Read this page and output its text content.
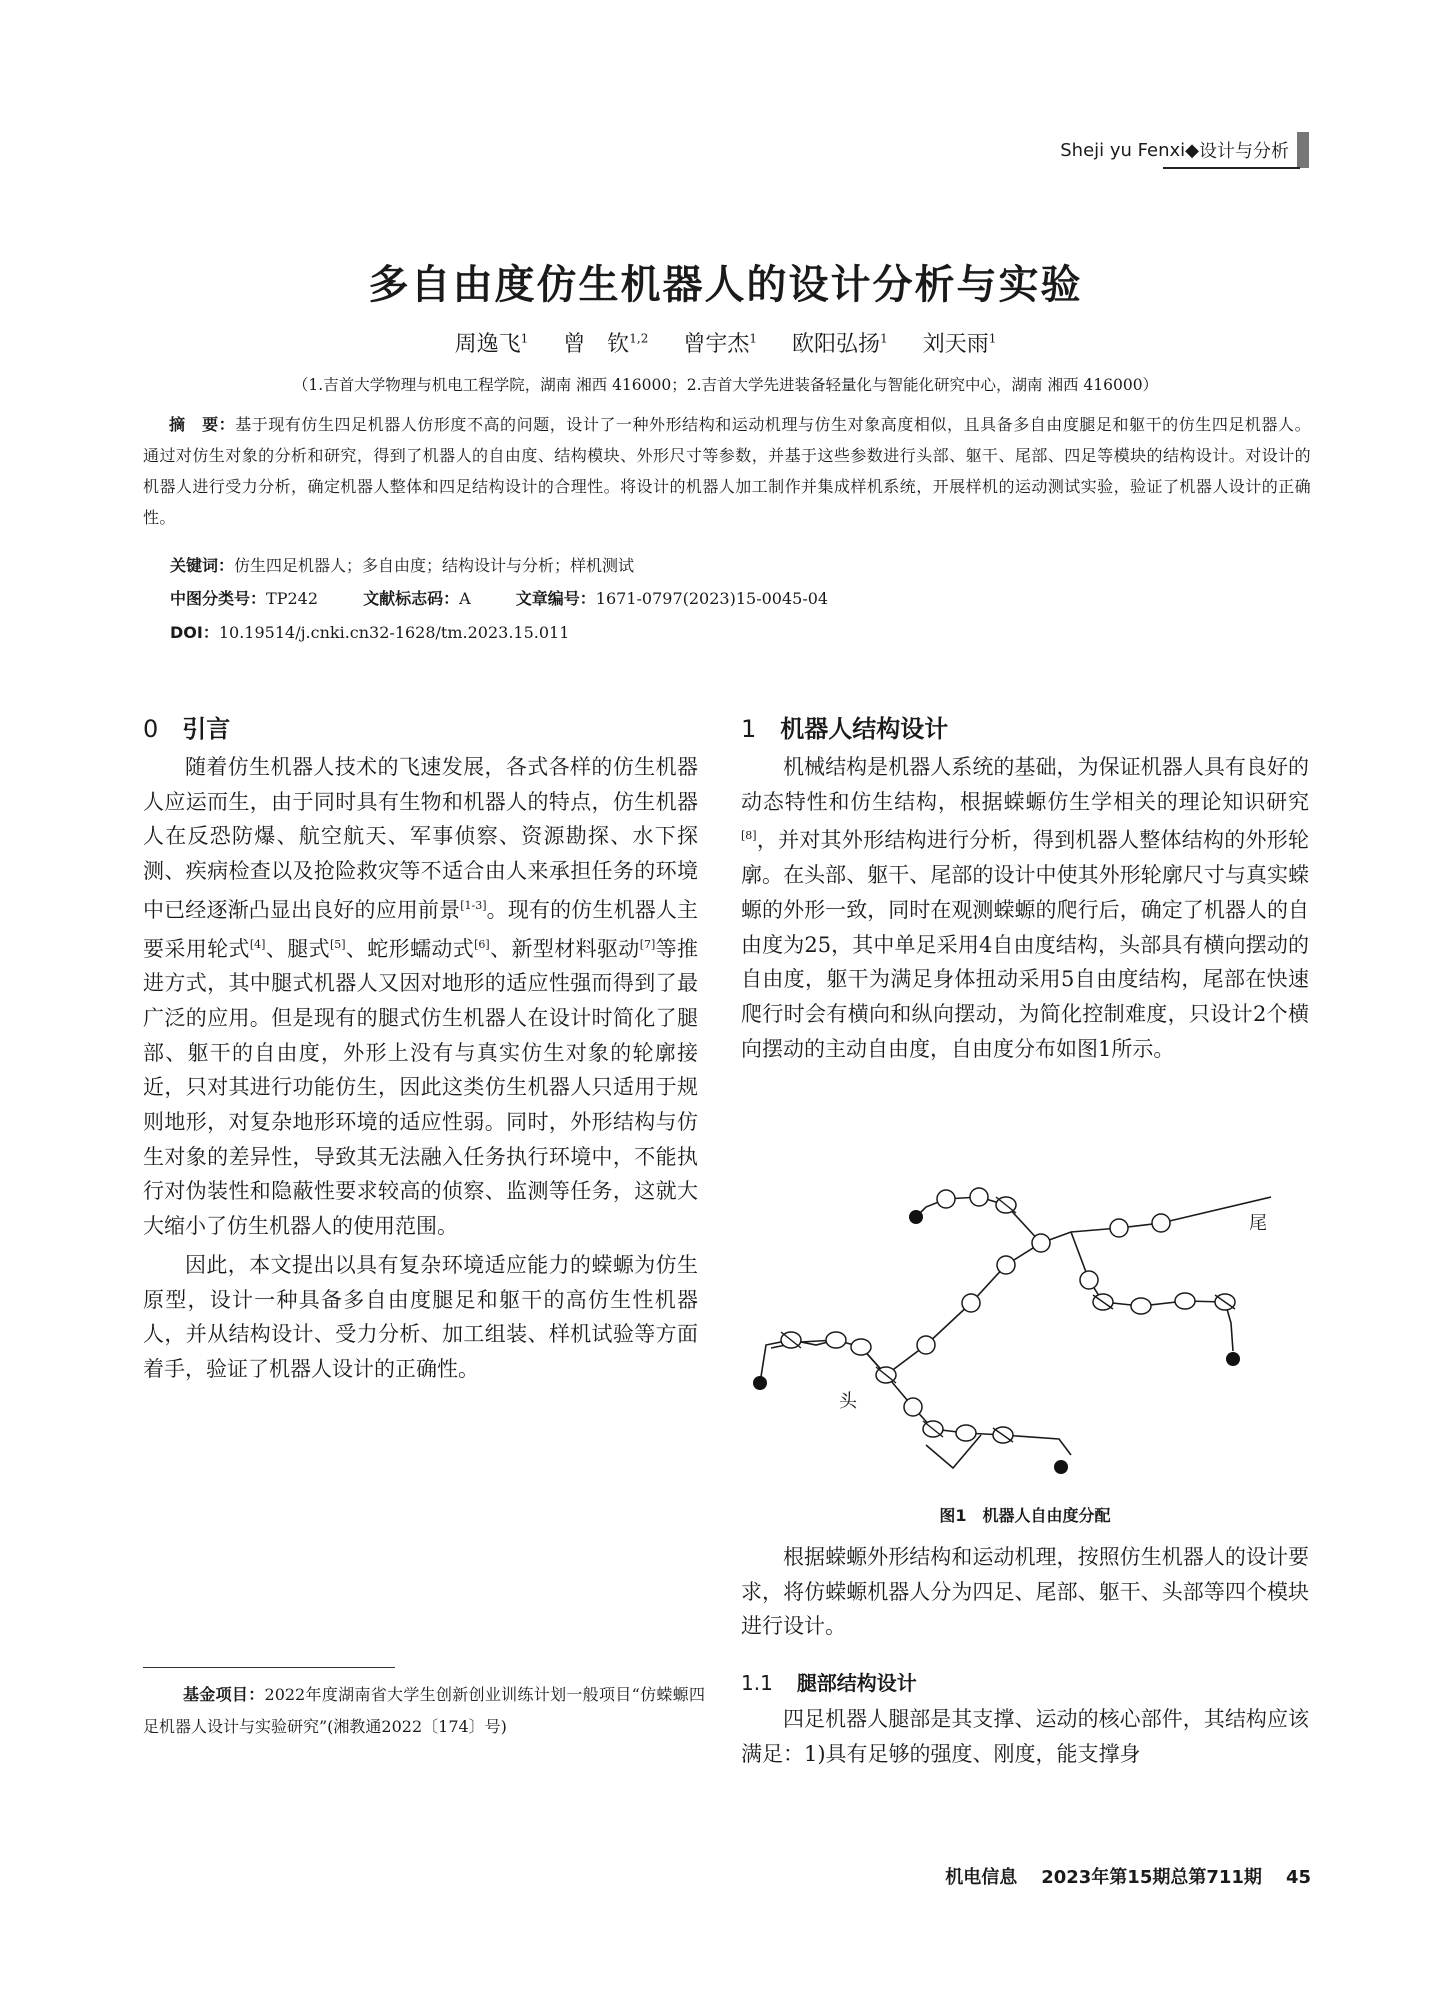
Sheji yu Fenxi ◆ 设计与分析
多自由度仿生机器人的设计分析与实验
周逸飞$^1$ 曾　钦$^{1,2}$ 曾宇杰$^1$ 欧阳弘扬$^1$ 刘天雨$^1$
（1.吉首大学物理与机电工程学院，湖南 湘西 416000；2.吉首大学先进装备轻量化与智能化研究中心，湖南 湘西 416000）
摘　要：基于现有仿生四足机器人仿形度不高的问题，设计了一种外形结构和运动机理与仿生对象高度相似，且具备多自由度腿足和躯干的仿生四足机器人。通过对仿生对象的分析和研究，得到了机器人的自由度、结构模块、外形尺寸等参数，并基于这些参数进行头部、躯干、尾部、四足等模块的结构设计。对设计的机器人进行受力分析，确定机器人整体和四足结构设计的合理性。将设计的机器人加工制作并集成样机系统，开展样机的运动测试实验，验证了机器人设计的正确性。
关键词：仿生四足机器人；多自由度；结构设计与分析；样机测试
中图分类号：TP242	文献标志码：A	文章编号：1671-0797(2023)15-0045-04
DOI：10.19514/j.cnki.cn32-1628/tm.2023.15.011
0 引言

随着仿生机器人技术的飞速发展，各式各样的仿生机器人应运而生，由于同时具有生物和机器人的特点，仿生机器人在反恐防爆、航空航天、军事侦察、资源勘探、水下探测、疾病检查以及抢险救灾等不适合由人来承担任务的环境中已经逐渐凸显出良好的应用前景[1-3]。现有的仿生机器人主要采用轮式[4]、腿式[5]、蛇形蠕动式[6]、新型材料驱动[7]等推进方式，其中腿式机器人又因对地形的适应性强而得到了最广泛的应用。但是现有的腿式仿生机器人在设计时简化了腿部、躯干的自由度，外形上没有与真实仿生对象的轮廓接近，只对其进行功能仿生，因此这类仿生机器人只适用于规则地形，对复杂地形环境的适应性弱。同时，外形结构与仿生对象的差异性，导致其无法融入任务执行环境中，不能执行对伪装性和隐蔽性要求较高的侦察、监测等任务，这就大大缩小了仿生机器人的使用范围。

因此，本文提出以具有复杂环境适应能力的蝾螈为仿生原型，设计一种具备多自由度腿足和躯干的高仿生性机器人，并从结构设计、受力分析、加工组装、样机试验等方面着手，验证了机器人设计的正确性。

基金项目：2022年度湖南省大学生创新创业训练计划一般项目“仿蝾螈四足机器人设计与实验研究”(湘教通2022〔174〕号)
1 机器人结构设计

机械结构是机器人系统的基础，为保证机器人具有良好的动态特性和仿生结构，根据蝾螈仿生学相关的理论知识研究[8]，并对其外形结构进行分析，得到机器人整体结构的外形轮廓。在头部、躯干、尾部的设计中使其外形轮廓尺寸与真实蝾螈的外形一致，同时在观测蝾螈的爬行后，确定了机器人的自由度为25，其中单足采用4自由度结构，头部具有横向摆动的自由度，躯干为满足身体扭动采用5自由度结构，尾部在快速爬行时会有横向和纵向摆动，为简化控制难度，只设计2个横向摆动的主动自由度，自由度分布如图1所示。

头
尾
图1　机器人自由度分配

根据蝾螈外形结构和运动机理，按照仿生机器人的设计要求，将仿蝾螈机器人分为四足、尾部、躯干、头部等四个模块进行设计。

1.1 腿部结构设计

四足机器人腿部是其支撑、运动的核心部件，其结构应该满足：1)具有足够的强度、刚度，能支撑身

机电信息 2023年第15期总第711期 45
